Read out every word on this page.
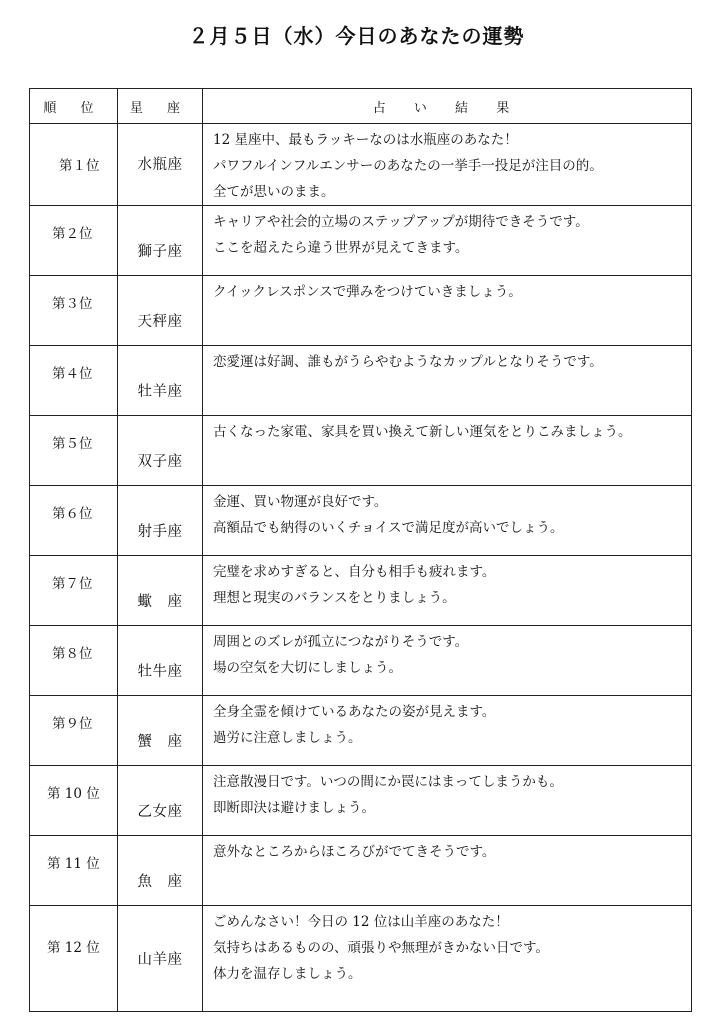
２月５日（水）今日のあなたの運勢
順 位	星 座	占 い 結 果
第１位	水瓶座	12 星座中、最もラッキーなのは水瓶座のあなた！
パワフルインフルエンサーのあなたの一挙手一投足が注目の的。
全てが思いのまま。

第２位	獅子座	キャリアや社会的立場のステップアップが期待できそうです。
ここを超えたら違う世界が見えてきます。

第３位	天秤座	クイックレスポンスで弾みをつけていきましょう。

第４位	牡羊座	恋愛運は好調、誰もがうらやむようなカップルとなりそうです。

第５位	双子座	古くなった家電、家具を買い換えて新しい運気をとりこみましょう。

第６位	射手座	金運、買い物運が良好です。
高額品でも納得のいくチョイスで満足度が高いでしょう。

第７位	蠍　座	完璧を求めすぎると、自分も相手も疲れます。
理想と現実のバランスをとりましょう。

第８位	牡牛座	周囲とのズレが孤立につながりそうです。
場の空気を大切にしましょう。

第９位	蟹　座	全身全霊を傾けているあなたの姿が見えます。
過労に注意しましょう。

第 10 位	乙女座	注意散漫日です。いつの間にか罠にはまってしまうかも。
即断即決は避けましょう。

第 11 位	魚　座	意外なところからほころびがでてきそうです。

第 12 位	山羊座	ごめんなさい！今日の 12 位は山羊座のあなた！
気持ちはあるものの、頑張りや無理がきかない日です。
体力を温存しましょう。
